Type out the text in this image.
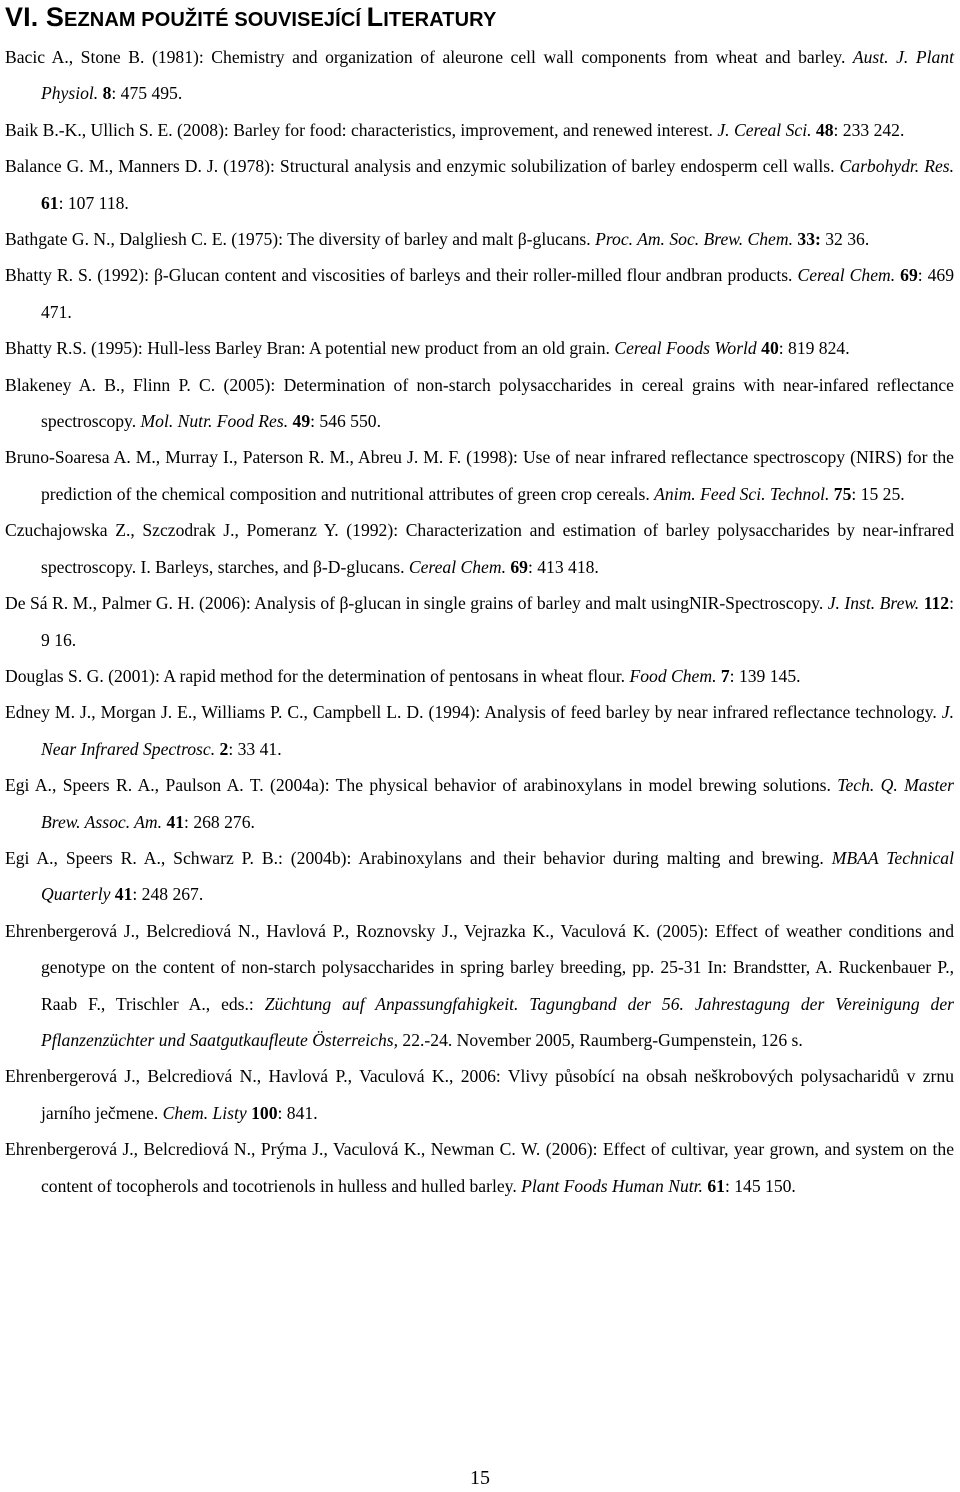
VI. SEZNAM POUŽITÉ SOUVISEJÍCÍ LITERATURY
Bacic A., Stone B. (1981): Chemistry and organization of aleurone cell wall components from wheat and barley. Aust. J. Plant Physiol. 8: 475 495.
Baik B.-K., Ullich S. E. (2008): Barley for food: characteristics, improvement, and renewed interest. J. Cereal Sci. 48: 233 242.
Balance G. M., Manners D. J. (1978): Structural analysis and enzymic solubilization of barley endosperm cell walls. Carbohydr. Res. 61: 107 118.
Bathgate G. N., Dalgliesh C. E. (1975): The diversity of barley and malt β-glucans. Proc. Am. Soc. Brew. Chem. 33: 32 36.
Bhatty R. S. (1992): β-Glucan content and viscosities of barleys and their roller-milled flour andbran products. Cereal Chem. 69: 469 471.
Bhatty R.S. (1995): Hull-less Barley Bran: A potential new product from an old grain. Cereal Foods World 40: 819 824.
Blakeney A. B., Flinn P. C. (2005): Determination of non-starch polysaccharides in cereal grains with near-infared reflectance spectroscopy. Mol. Nutr. Food Res. 49: 546 550.
Bruno-Soaresa A. M., Murray I., Paterson R. M., Abreu J. M. F. (1998): Use of near infrared reflectance spectroscopy (NIRS) for the prediction of the chemical composition and nutritional attributes of green crop cereals. Anim. Feed Sci. Technol. 75: 15 25.
Czuchajowska Z., Szczodrak J., Pomeranz Y. (1992): Characterization and estimation of barley polysaccharides by near-infrared spectroscopy. I. Barleys, starches, and β-D-glucans. Cereal Chem. 69: 413 418.
De Sá R. M., Palmer G. H. (2006): Analysis of β-glucan in single grains of barley and malt usingNIR-Spectroscopy. J. Inst. Brew. 112: 9 16.
Douglas S. G. (2001): A rapid method for the determination of pentosans in wheat flour. Food Chem. 7: 139 145.
Edney M. J., Morgan J. E., Williams P. C., Campbell L. D. (1994): Analysis of feed barley by near infrared reflectance technology. J. Near Infrared Spectrosc. 2: 33 41.
Egi A., Speers R. A., Paulson A. T. (2004a): The physical behavior of arabinoxylans in model brewing solutions. Tech. Q. Master Brew. Assoc. Am. 41: 268 276.
Egi A., Speers R. A., Schwarz P. B.: (2004b): Arabinoxylans and their behavior during malting and brewing. MBAA Technical Quarterly 41: 248 267.
Ehrenbergerová J., Belcrediová N., Havlová P., Roznovsky J., Vejrazka K., Vaculová K. (2005): Effect of weather conditions and genotype on the content of non-starch polysaccharides in spring barley breeding, pp. 25-31 In: Brandstter, A. Ruckenbauer P., Raab F., Trischler A., eds.: Züchtung auf Anpassungfahigkeit. Tagungband der 56. Jahrestagung der Vereinigung der Pflanzenzüchter und Saatgutkaufleute Österreichs, 22.-24. November 2005, Raumberg-Gumpenstein, 126 s.
Ehrenbergerová J., Belcrediová N., Havlová P., Vaculová K., 2006: Vlivy působící na obsah neškrobových polysacharidů v zrnu jarního ječmene. Chem. Listy 100: 841.
Ehrenbergerová J., Belcrediová N., Prýma J., Vaculová K., Newman C. W. (2006): Effect of cultivar, year grown, and system on the content of tocopherols and tocotrienols in hulless and hulled barley. Plant Foods Human Nutr. 61: 145 150.
15
